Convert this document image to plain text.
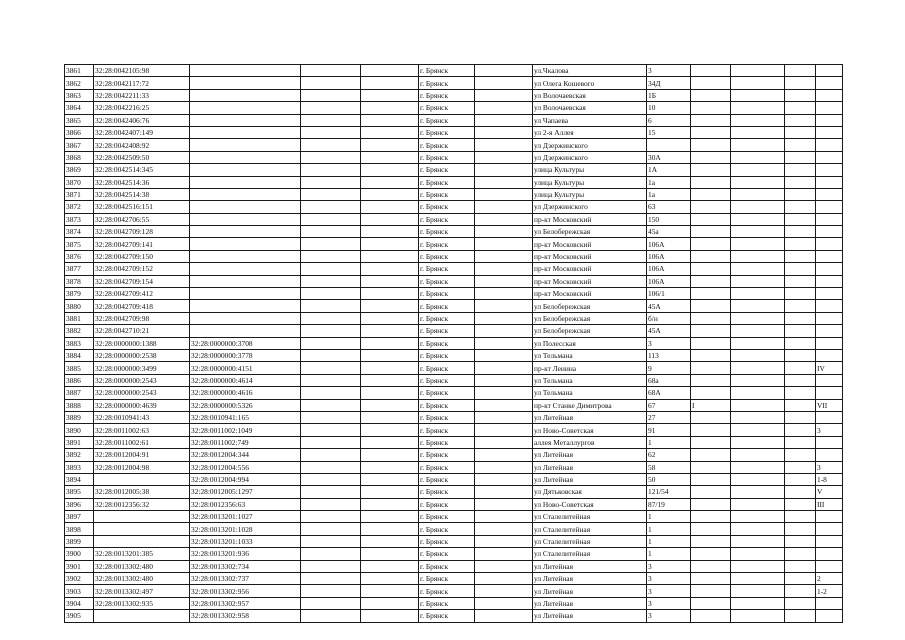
3861	32:28:0042105:98				г. Брянск		ул.Чкалова	3				
3862	32:28:0042117:72				г. Брянск		ул Олега Кошевого	34Д				
3863	32:28:0042211:33				г. Брянск		ул Волочаевская	1Б				
3864	32:28:0042216:25				г. Брянск		ул Волочаевская	10				
3865	32:28:0042406:76				г. Брянск		ул Чапаева	6				
3866	32:28:0042407:149				г. Брянск		ул 2-я Аллея	15				
3867	32:28:0042408:92				г. Брянск		ул Дзержинского					
3868	32:28:0042509:50				г. Брянск		ул Дзержинского	30А				
3869	32:28:0042514:345				г. Брянск		улица Культуры	1А				
3870	32:28:0042514:36				г. Брянск		улица Культуры	1а				
3871	32:28:0042514:38				г. Брянск		улица Культуры	1а				
3872	32:28:0042516:151				г. Брянск		ул Дзержинского	63				
3873	32:28:0042706:55				г. Брянск		пр-кт Московский	150				
3874	32:28:0042709:128				г. Брянск		ул Белобережская	45а				
3875	32:28:0042709:141				г. Брянск		пр-кт Московский	106А				
3876	32:28:0042709:150				г. Брянск		пр-кт Московский	106А				
3877	32:28:0042709:152				г. Брянск		пр-кт Московский	106А				
3878	32:28:0042709:154				г. Брянск		пр-кт Московский	106А				
3879	32:28:0042709:412				г. Брянск		пр-кт Московский	106/1				
3880	32:28:0042709:418				г. Брянск		ул Белобережская	45А				
3881	32:28:0042709:98				г. Брянск		ул Белобережская	б/н				
3882	32:28:0042710:21				г. Брянск		ул Белобережская	45А				
3883	32:28:0000000:1388	32:28:0000000:3708			г. Брянск		ул Полесская	3				
3884	32:28:0000000:2538	32:28:0000000:3778			г. Брянск		ул Тельмана	113				
3885	32:28:0000000:3499	32:28:0000000:4151			г. Брянск		пр-кт Ленина	9				IV
3886	32:28:0000000:2543	32:28:0000000:4614			г. Брянск		ул Тельмана	68а				
3887	32:28:0000000:2543	32:28:0000000:4616			г. Брянск		ул Тельмана	68А				
3888	32:28:0000000:4639	32:28:0000000:5326			г. Брянск		пр-кт Станке Димитрова	67	I			VII
3889	32:28:0010941:43	32:28:0010941:165			г. Брянск		ул Литейная	27				
3890	32:28:0011002:63	32:28:0011002:1049			г. Брянск		ул Ново-Советская	91				3
3891	32:28:0011002:61	32:28:0011002:749			г. Брянск		аллея Металлургов	1				
3892	32:28:0012004:91	32:28:0012004:344			г. Брянск		ул Литейная	62				
3893	32:28:0012004:98	32:28:0012004:556			г. Брянск		ул Литейная	58				3
3894		32:28:0012004:994			г. Брянск		ул Литейная	50				1-8
3895	32:28:0012005:38	32:28:0012005:1297			г. Брянск		ул Дятьковская	121/54				V
3896	32:28:0012356:32	32:28:0012356:63			г. Брянск		ул Ново-Советская	87/19				III
3897		32:28:0013201:1027			г. Брянск		ул Сталелитейная	1				
3898		32:28:0013201:1028			г. Брянск		ул Сталелитейная	1				
3899		32:28:0013201:1033			г. Брянск		ул Сталелитейная	1				
3900	32:28:0013201:385	32:28:0013201:936			г. Брянск		ул Сталелитейная	1				
3901	32:28:0013302:480	32:28:0013302:734			г. Брянск		ул Литейная	3				
3902	32:28:0013302:480	32:28:0013302:737			г. Брянск		ул Литейная	3				2
3903	32:28:0013302:497	32:28:0013302:956			г. Брянск		ул Литейная	3				1-2
3904	32:28:0013302:935	32:28:0013302:957			г. Брянск		ул Литейная	3				
3905		32:28:0013302:958			г. Брянск		ул Литейная	3				
